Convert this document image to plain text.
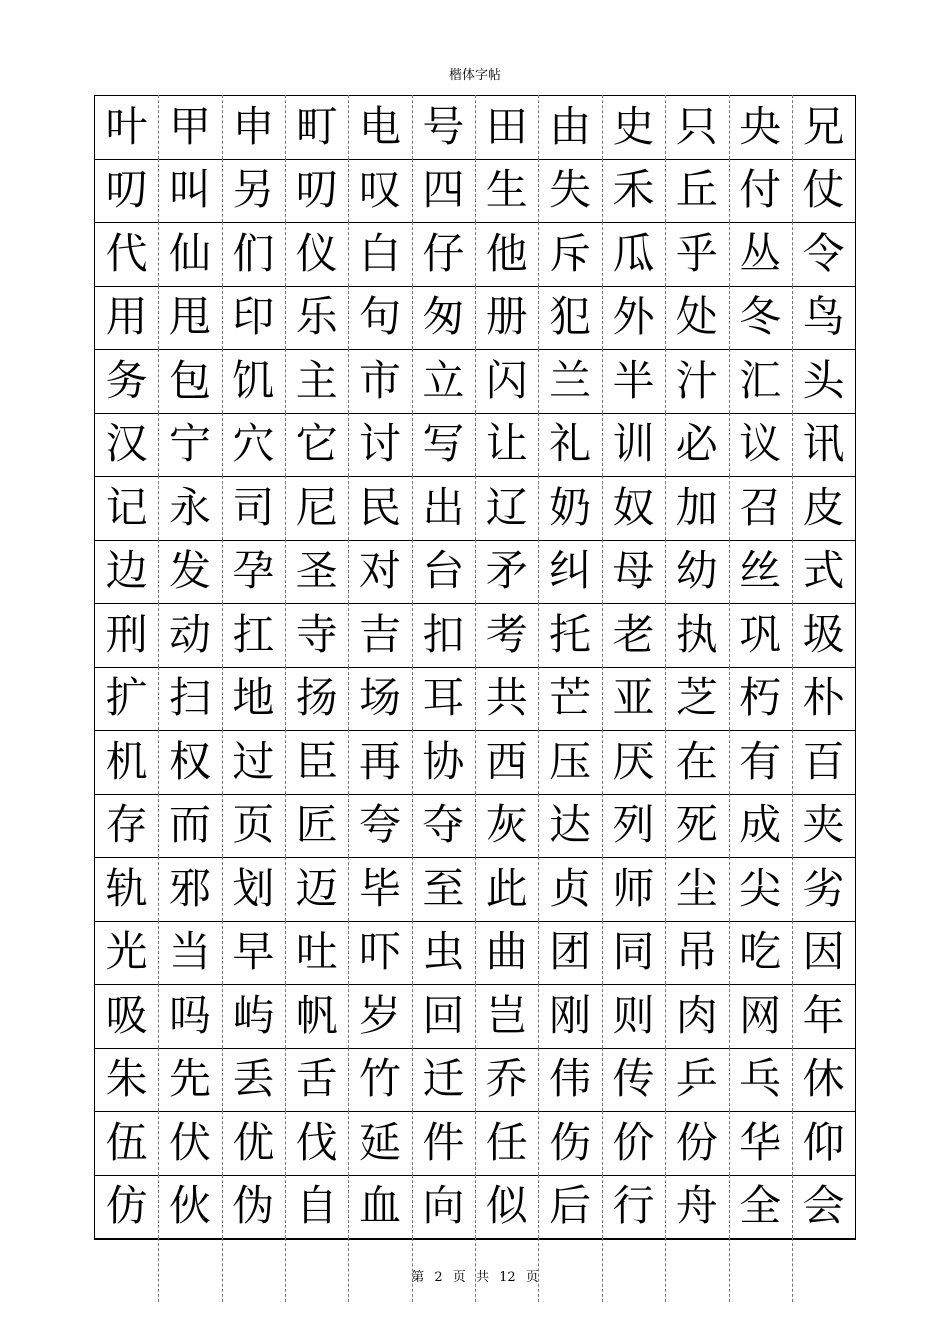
楷体字帖
叶 甲 申 町 电 号 田 由 史 只 央 兄
叨 叫 另 叨 叹 四 生 失 禾 丘 付 仗
代 仙 们 仪 白 仔 他 斥 瓜 乎 丛 令
用 甩 印 乐 句 匆 册 犯 外 处 冬 鸟
务 包 饥 主 市 立 闪 兰 半 汁 汇 头
汉 宁 穴 它 讨 写 让 礼 训 必 议 讯
记 永 司 尼 民 出 辽 奶 奴 加 召 皮
边 发 孕 圣 对 台 矛 纠 母 幼 丝 式
刑 动 扛 寺 吉 扣 考 托 老 执 巩 圾
扩 扫 地 扬 场 耳 共 芒 亚 芝 朽 朴
机 权 过 臣 再 协 西 压 厌 在 有 百
存 而 页 匠 夸 夺 灰 达 列 死 成 夹
轨 邪 划 迈 毕 至 此 贞 师 尘 尖 劣
光 当 早 吐 吓 虫 曲 团 同 吊 吃 因
吸 吗 屿 帆 岁 回 岂 刚 则 肉 网 年
朱 先 丢 舌 竹 迁 乔 伟 传 乒 乓 休
伍 伏 优 伐 延 件 任 伤 价 份 华 仰
仿 伙 伪 自 血 向 似 后 行 舟 全 会
第 2 页 共 12 页
